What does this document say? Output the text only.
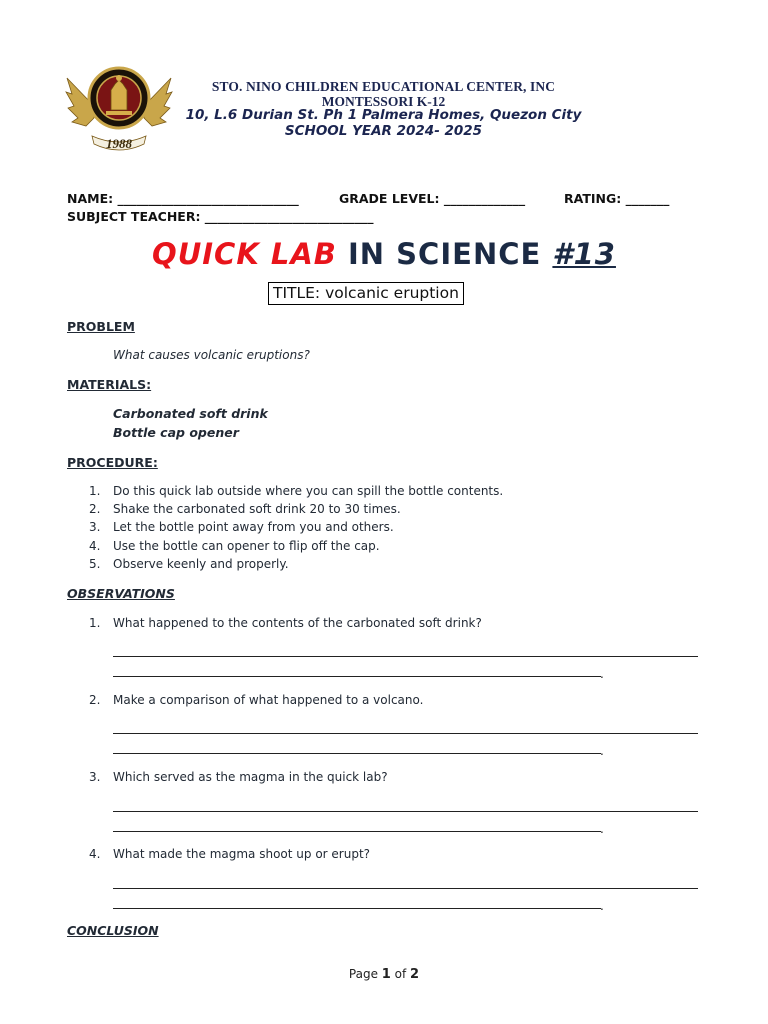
1988
STO. NINO CHILDREN EDUCATIONAL CENTER, INC
MONTESSORI K-12
10, L.6 Durian St. Ph 1 Palmera Homes, Quezon City
SCHOOL YEAR 2024- 2025
NAME: _____________________________	GRADE LEVEL: _____________	RATING: _______
SUBJECT TEACHER: ___________________________
QUICK LAB IN SCIENCE #13
TITLE: volcanic eruption
PROBLEM
What causes volcanic eruptions?
MATERIALS:
Carbonated soft drink
Bottle cap opener
PROCEDURE:
1. Do this quick lab outside where you can spill the bottle contents.
2. Shake the carbonated soft drink 20 to 30 times.
3. Let the bottle point away from you and others.
4. Use the bottle can opener to flip off the cap.
5. Observe keenly and properly.
OBSERVATIONS
1. What happened to the contents of the carbonated soft drink?
.
2. Make a comparison of what happened to a volcano.
.
3. Which served as the magma in the quick lab?
.
4. What made the magma shoot up or erupt?
.
CONCLUSION
Page 1 of 2
